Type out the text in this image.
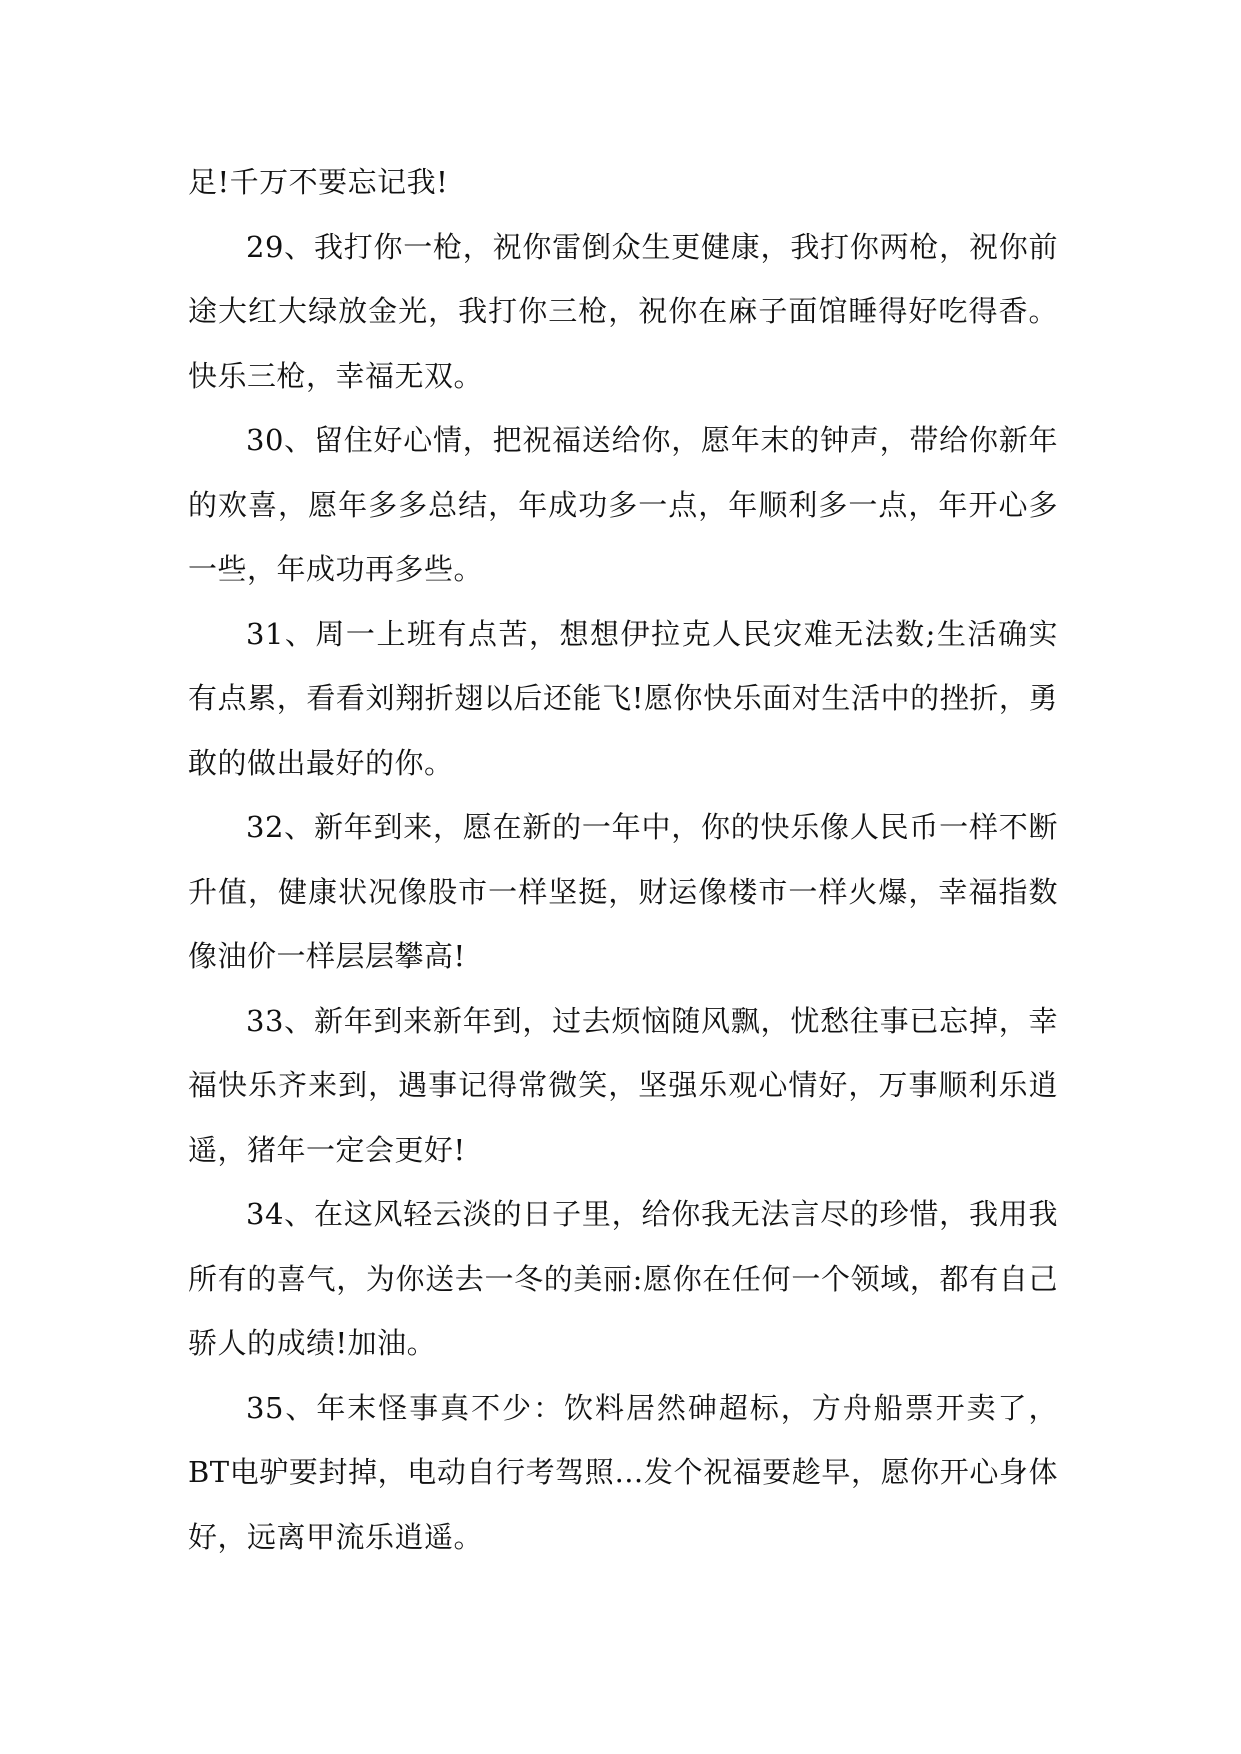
足!千万不要忘记我!

29、我打你一枪，祝你雷倒众生更健康，我打你两枪，祝你前途大红大绿放金光，我打你三枪，祝你在麻子面馆睡得好吃得香。快乐三枪，幸福无双。

30、留住好心情，把祝福送给你，愿年末的钟声，带给你新年的欢喜，愿年多多总结，年成功多一点，年顺利多一点，年开心多一些，年成功再多些。

31、周一上班有点苦，想想伊拉克人民灾难无法数;生活确实有点累，看看刘翔折翅以后还能飞!愿你快乐面对生活中的挫折，勇敢的做出最好的你。

32、新年到来，愿在新的一年中，你的快乐像人民币一样不断升值，健康状况像股市一样坚挺，财运像楼市一样火爆，幸福指数像油价一样层层攀高!

33、新年到来新年到，过去烦恼随风飘，忧愁往事已忘掉，幸福快乐齐来到，遇事记得常微笑，坚强乐观心情好，万事顺利乐逍遥，猪年一定会更好!

34、在这风轻云淡的日子里，给你我无法言尽的珍惜，我用我所有的喜气，为你送去一冬的美丽:愿你在任何一个领域，都有自己骄人的成绩!加油。

35、年末怪事真不少：饮料居然砷超标，方舟船票开卖了，BT电驴要封掉，电动自行考驾照…发个祝福要趁早，愿你开心身体好，远离甲流乐逍遥。
